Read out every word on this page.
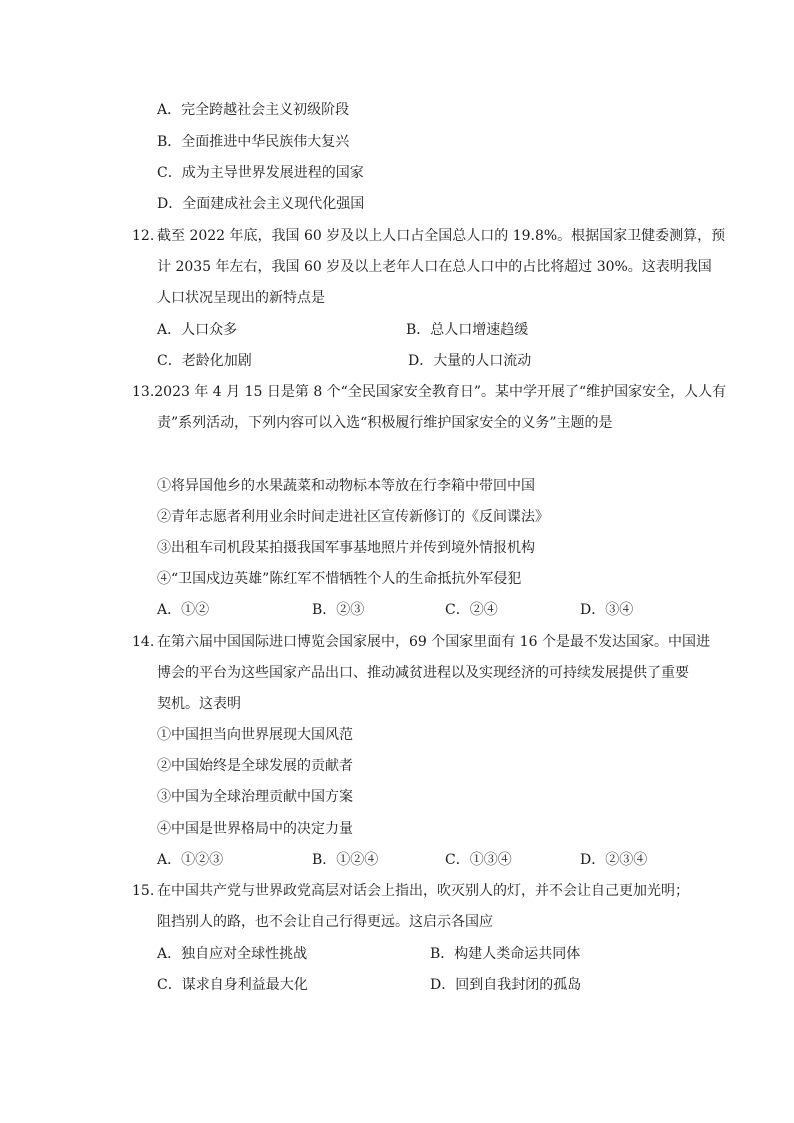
A．完全跨越社会主义初级阶段
B．全面推进中华民族伟大复兴
C．成为主导世界发展进程的国家
D．全面建成社会主义现代化强国
12. 截至 2022 年底，我国 60 岁及以上人口占全国总人口的 19.8%。根据国家卫健委测算，预
计 2035 年左右，我国 60 岁及以上老年人口在总人口中的占比将超过 30%。这表明我国
人口状况呈现出的新特点是
A．人口众多	B．总人口增速趋缓
C．老龄化加剧	D．大量的人口流动
13.2023 年 4 月 15 日是第 8 个“全民国家安全教育日”。某中学开展了“维护国家安全，人人有
责”系列活动，下列内容可以入选“积极履行维护国家安全的义务”主题的是
①将异国他乡的水果蔬菜和动物标本等放在行李箱中带回中国
②青年志愿者利用业余时间走进社区宣传新修订的《反间谍法》
③出租车司机段某拍摄我国军事基地照片并传到境外情报机构
④“卫国戍边英雄”陈红军不惜牺牲个人的生命抵抗外军侵犯
A．①②	B．②③	C．②④	D．③④
14. 在第六届中国国际进口博览会国家展中，69 个国家里面有 16 个是最不发达国家。中国进
博会的平台为这些国家产品出口、推动减贫进程以及实现经济的可持续发展提供了重要
契机。这表明
①中国担当向世界展现大国风范
②中国始终是全球发展的贡献者
③中国为全球治理贡献中国方案
④中国是世界格局中的决定力量
A．①②③	B．①②④	C．①③④	D．②③④
15. 在中国共产党与世界政党高层对话会上指出，吹灭别人的灯，并不会让自己更加光明；
阻挡别人的路，也不会让自己行得更远。这启示各国应
A．独自应对全球性挑战	B．构建人类命运共同体
C．谋求自身利益最大化	D．回到自我封闭的孤岛
